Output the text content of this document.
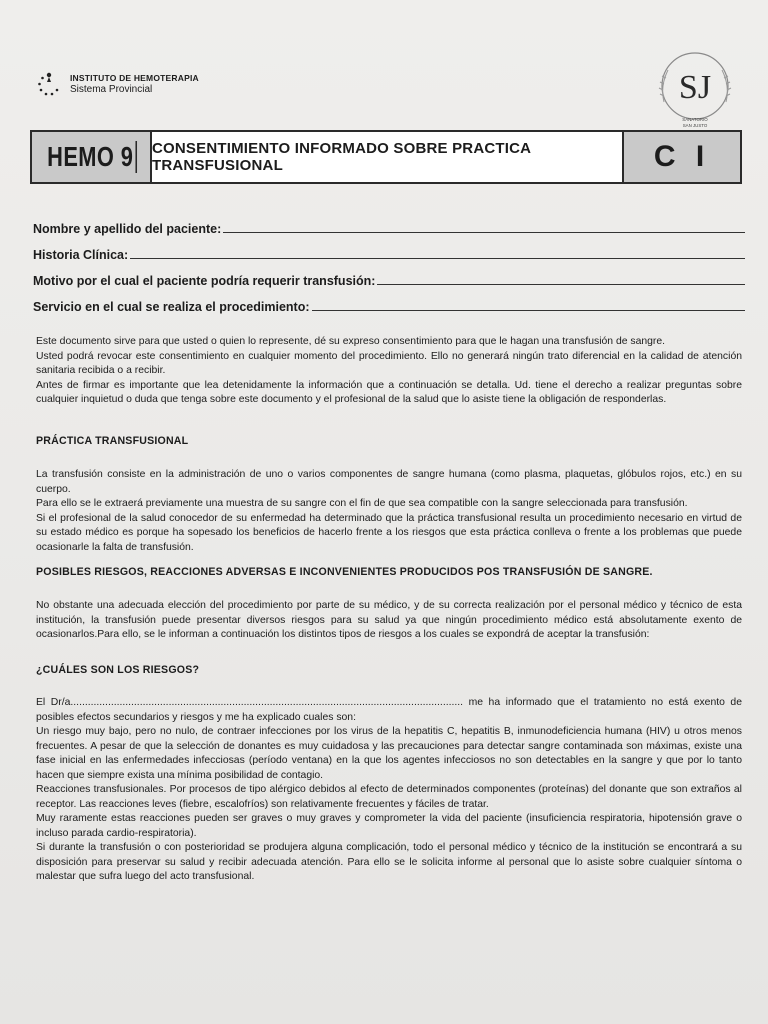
INSTITUTO DE HEMOTERAPIA
Sistema Provincial	SJ
SANATORIO
SAN JUSTO
HEMO 9 CONSENTIMIENTO INFORMADO SOBRE PRACTICA TRANSFUSIONAL	C I
Nombre y apellido del paciente:
Historia Clínica:
Motivo por el cual el paciente podría requerir transfusión:
Servicio en el cual se realiza el procedimiento:

Este documento sirve para que usted o quien lo represente, dé su expreso consentimiento para que le hagan una transfusión de sangre.

Usted podrá revocar este consentimiento en cualquier momento del procedimiento. Ello no generará ningún trato diferencial en la calidad de atención sanitaria recibida o a recibir.

Antes de firmar es importante que lea detenidamente la información que a continuación se detalla. Ud. tiene el derecho a realizar preguntas sobre cualquier inquietud o duda que tenga sobre este documento y el profesional de la salud que lo asiste tiene la obligación de responderlas.

PRÁCTICA TRANSFUSIONAL

La transfusión consiste en la administración de uno o varios componentes de sangre humana (como plasma, plaquetas, glóbulos rojos, etc.) en su cuerpo.

Para ello se le extraerá previamente una muestra de su sangre con el fin de que sea compatible con la sangre seleccionada para transfusión.

Si el profesional de la salud conocedor de su enfermedad ha determinado que la práctica transfusional resulta un procedimiento necesario en virtud de su estado médico es porque ha sopesado los beneficios de hacerlo frente a los riesgos que esta práctica conlleva o frente a los problemas que puede ocasionarle la falta de transfusión.

POSIBLES RIESGOS, REACCIONES ADVERSAS E INCONVENIENTES PRODUCIDOS POS TRANSFUSIÓN DE SANGRE.

No obstante una adecuada elección del procedimiento por parte de su médico, y de su correcta realización por el personal médico y técnico de esta institución, la transfusión puede presentar diversos riesgos para su salud ya que ningún procedimiento médico está absolutamente exento de ocasionarlos.Para ello, se le informan a continuación los distintos tipos de riesgos a los cuales se expondrá de aceptar la transfusión:

¿CUÁLES SON LOS RIESGOS?

El Dr/a........................................................................................................................................ me ha informado que el tratamiento no está exento de posibles efectos secundarios y riesgos y me ha explicado cuales son:

Un riesgo muy bajo, pero no nulo, de contraer infecciones por los virus de la hepatitis C, hepatitis B, inmunodeficiencia humana (HIV) u otros menos frecuentes. A pesar de que la selección de donantes es muy cuidadosa y las precauciones para detectar sangre contaminada son máximas, existe una fase inicial en las enfermedades infecciosas (período ventana) en la que los agentes infecciosos no son detectables en la sangre y que por lo tanto hacen que siempre exista una mínima posibilidad de contagio.

Reacciones transfusionales. Por procesos de tipo alérgico debidos al efecto de determinados componentes (proteínas) del donante que son extraños al receptor. Las reacciones leves (fiebre, escalofríos) son relativamente frecuentes y fáciles de tratar.

Muy raramente estas reacciones pueden ser graves o muy graves y comprometer la vida del paciente (insuficiencia respiratoria, hipotensión grave o incluso parada cardio-respiratoria).

Si durante la transfusión o con posterioridad se produjera alguna complicación, todo el personal médico y técnico de la institución se encontrará a su disposición para preservar su salud y recibir adecuada atención. Para ello se le solicita informe al personal que lo asiste sobre cualquier síntoma o malestar que sufra luego del acto transfusional.
